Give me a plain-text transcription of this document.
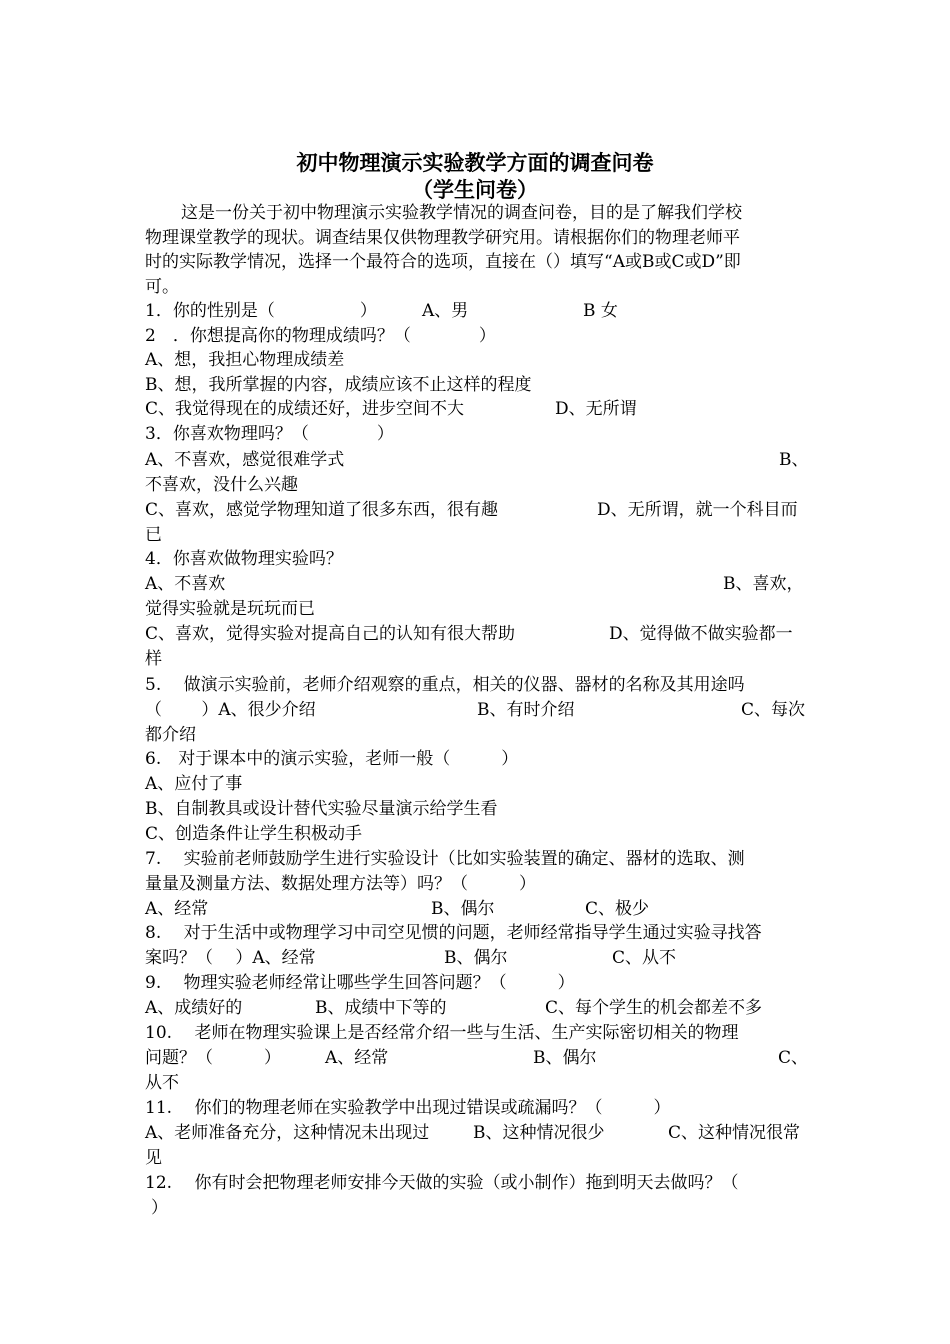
初中物理演示实验教学方面的调查问卷
（学生问卷）
这是一份关于初中物理演示实验教学情况的调查问卷，目的是了解我们学校
物理课堂教学的现状。调查结果仅供物理教学研究用。请根据你们的物理老师平
时的实际教学情况，选择一个最符合的选项，直接在（）填写“A或B或C或D”即
可。
1．你的性别是（　　　　　）	A、男	B 女
2　．你想提高你的物理成绩吗？（　　　　）
A、想，我担心物理成绩差
B、想，我所掌握的内容，成绩应该不止这样的程度
C、我觉得现在的成绩还好，进步空间不大	D、无所谓
3．你喜欢物理吗？（　　　　）
A、不喜欢，感觉很难学式	B、
不喜欢，没什么兴趣
C、喜欢，感觉学物理知道了很多东西，很有趣	D、无所谓，就一个科目而
已
4．你喜欢做物理实验吗？
A、不喜欢	B、喜欢，
觉得实验就是玩玩而已
C、喜欢，觉得实验对提高自己的认知有很大帮助	D、觉得做不做实验都一
样
5.　 做演示实验前，老师介绍观察的重点，相关的仪器、器材的名称及其用途吗
（　　 ）A、很少介绍	B、有时介绍	C、每次
都介绍
6.　对于课本中的演示实验，老师一般（　　　）
A、应付了事
B、自制教具或设计替代实验尽量演示给学生看
C、创造条件让学生积极动手
7.　 实验前老师鼓励学生进行实验设计（比如实验装置的确定、器材的选取、测
量量及测量方法、数据处理方法等）吗？（　　　）
A、经常	B、偶尔	C、极少
8.　 对于生活中或物理学习中司空见惯的问题，老师经常指导学生通过实验寻找答
案吗？（　 ）A、经常	B、偶尔	C、从不
9.　 物理实验老师经常让哪些学生回答问题？（　　　）
A、成绩好的	B、成绩中下等的	C、每个学生的机会都差不多
10.　 老师在物理实验课上是否经常介绍一些与生活、生产实际密切相关的物理
问题？（　　　）	A、经常	B、偶尔	C、
从不
11.　 你们的物理老师在实验教学中出现过错误或疏漏吗？（　　　）
A、老师准备充分，这种情况未出现过	B、这种情况很少	C、这种情况很常
见
12.　 你有时会把物理老师安排今天做的实验（或小制作）拖到明天去做吗？（
）
